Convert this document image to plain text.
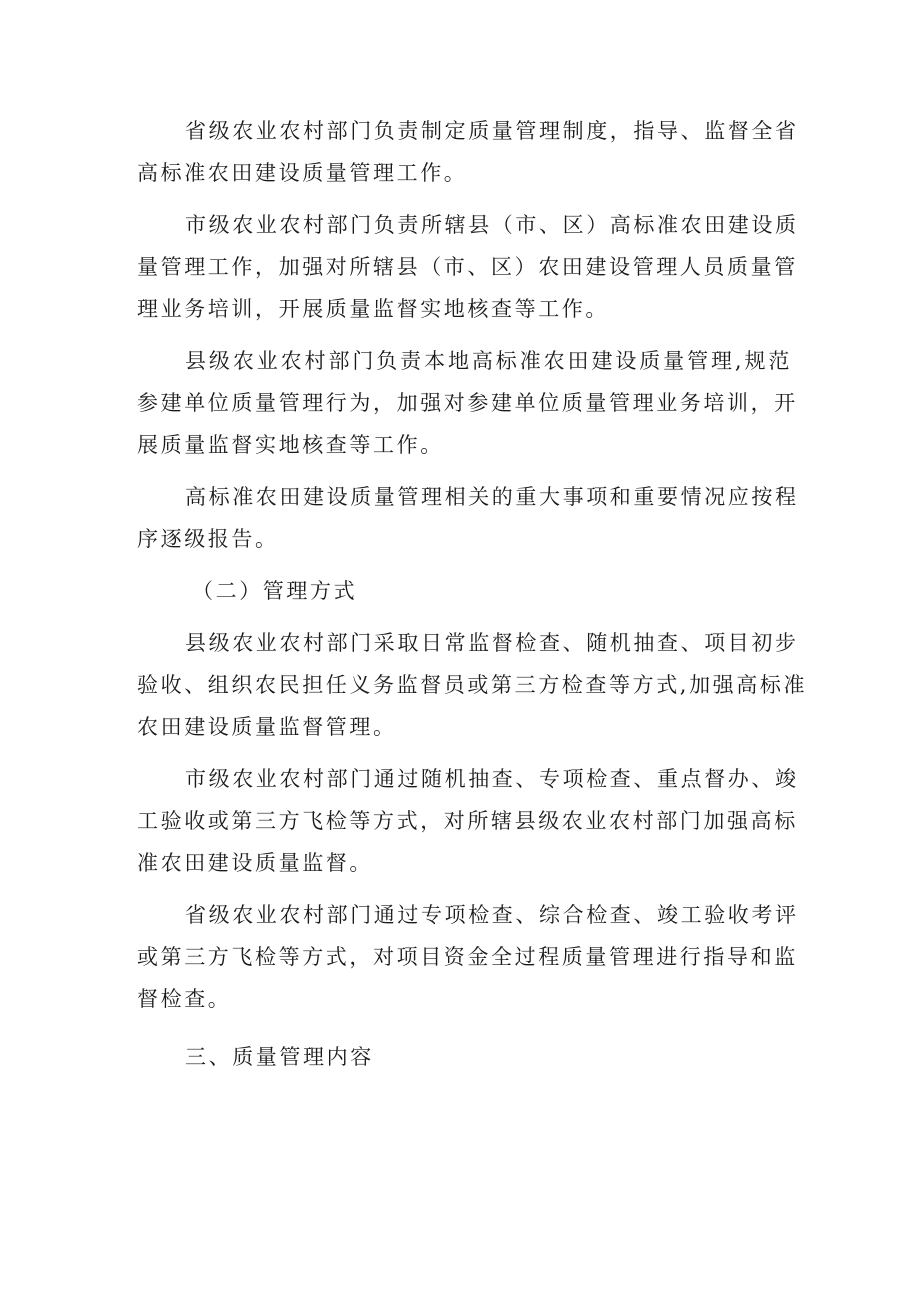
省级农业农村部门负责制定质量管理制度，指导、监督全省
高标准农田建设质量管理工作。
市级农业农村部门负责所辖县（市、区）高标准农田建设质
量管理工作，加强对所辖县（市、区）农田建设管理人员质量管
理业务培训，开展质量监督实地核查等工作。
县级农业农村部门负责本地高标准农田建设质量管理,规范
参建单位质量管理行为，加强对参建单位质量管理业务培训，开
展质量监督实地核查等工作。
高标准农田建设质量管理相关的重大事项和重要情况应按程
序逐级报告。
（二）管理方式
县级农业农村部门采取日常监督检查、随机抽查、项目初步
验收、组织农民担任义务监督员或第三方检查等方式,加强高标准
农田建设质量监督管理。
市级农业农村部门通过随机抽查、专项检查、重点督办、竣
工验收或第三方飞检等方式，对所辖县级农业农村部门加强高标
准农田建设质量监督。
省级农业农村部门通过专项检查、综合检查、竣工验收考评
或第三方飞检等方式，对项目资金全过程质量管理进行指导和监
督检查。
三、质量管理内容
